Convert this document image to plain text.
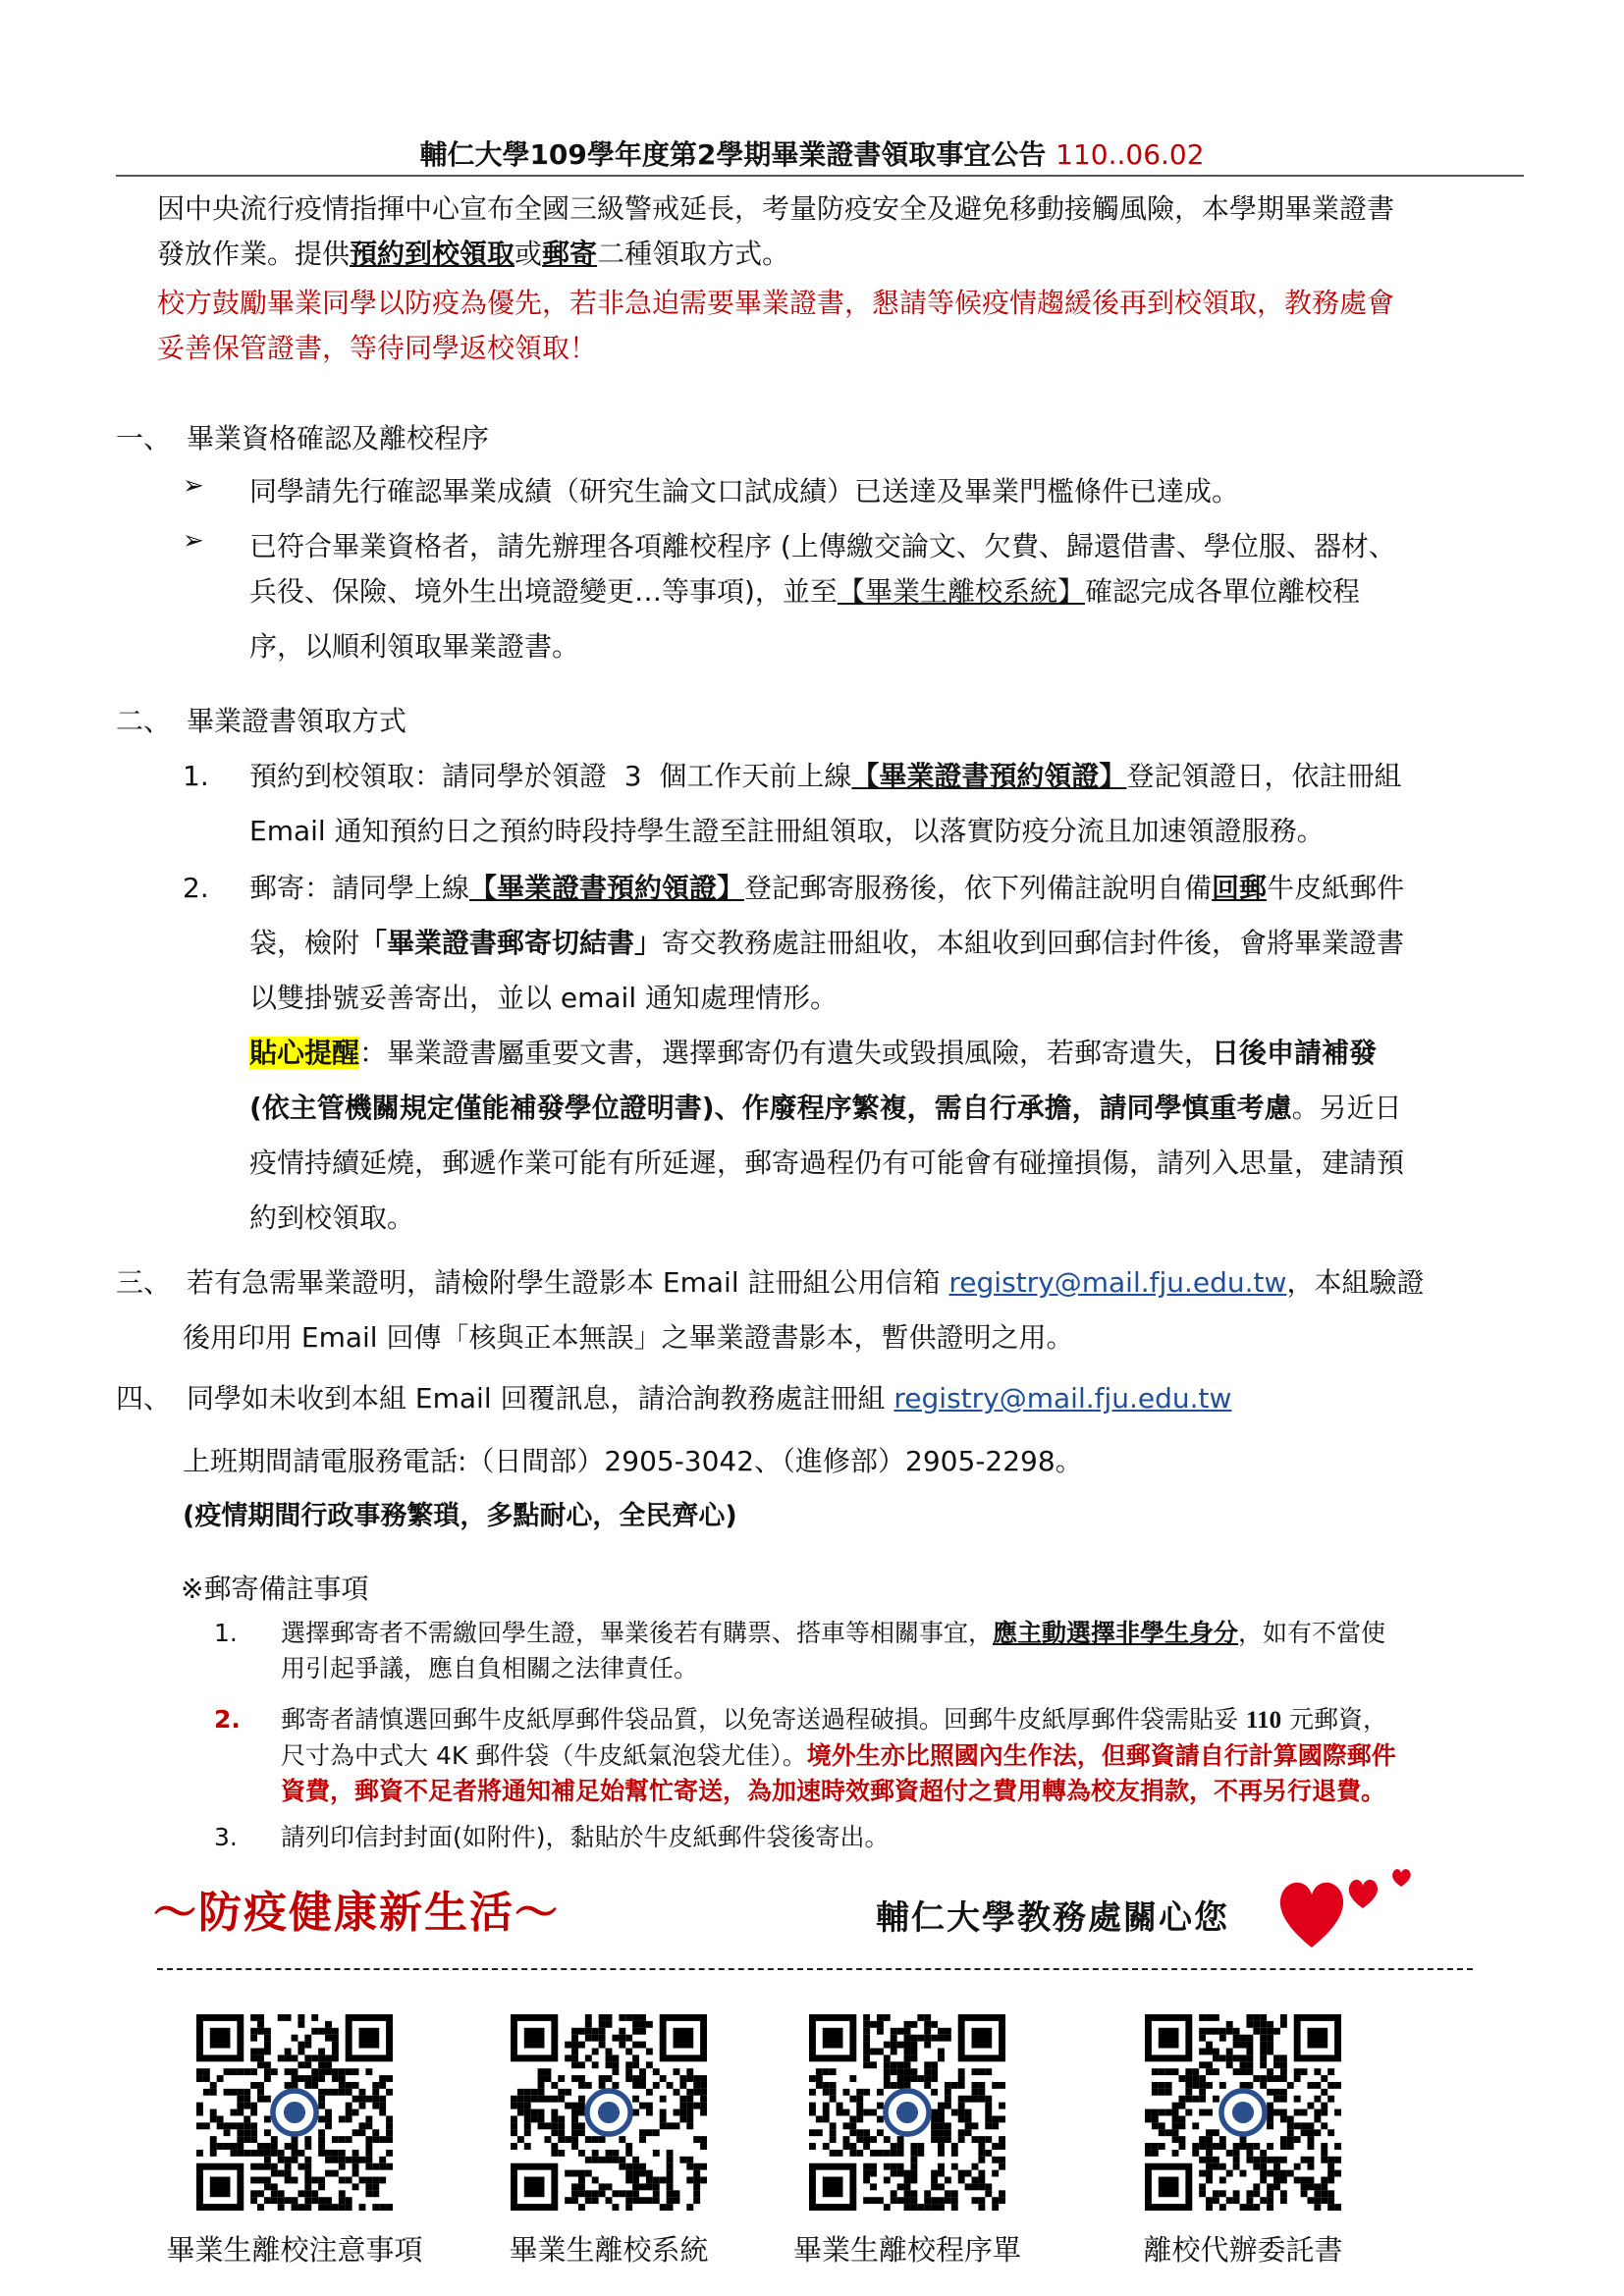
輔仁大學109學年度第2學期畢業證書領取事宜公告 110..06.02
因中央流行疫情指揮中心宣布全國三級警戒延長，考量防疫安全及避免移動接觸風險，本學期畢業證書
發放作業。提供預約到校領取或郵寄二種領取方式。
校方鼓勵畢業同學以防疫為優先，若非急迫需要畢業證書，懇請等候疫情趨緩後再到校領取，教務處會
妥善保管證書，等待同學返校領取！
一、 畢業資格確認及離校程序
➢ 同學請先行確認畢業成績（研究生論文口試成績）已送達及畢業門檻條件已達成。
➢ 已符合畢業資格者，請先辦理各項離校程序 (上傳繳交論文、欠費、歸還借書、學位服、器材、
兵役、保險、境外生出境證變更…等事項)，並至【畢業生離校系統】確認完成各單位離校程
序，以順利領取畢業證書。
二、 畢業證書領取方式
1. 預約到校領取：請同學於領證  3  個工作天前上線【畢業證書預約領證】登記領證日，依註冊組
Email 通知預約日之預約時段持學生證至註冊組領取，以落實防疫分流且加速領證服務。
2. 郵寄：請同學上線【畢業證書預約領證】登記郵寄服務後，依下列備註說明自備回郵牛皮紙郵件
袋，檢附「畢業證書郵寄切結書」寄交教務處註冊組收，本組收到回郵信封件後，會將畢業證書
以雙掛號妥善寄出，並以 email 通知處理情形。
貼心提醒：畢業證書屬重要文書，選擇郵寄仍有遺失或毀損風險，若郵寄遺失，日後申請補發
(依主管機關規定僅能補發學位證明書)、作廢程序繁複，需自行承擔，請同學慎重考慮。另近日
疫情持續延燒，郵遞作業可能有所延遲，郵寄過程仍有可能會有碰撞損傷，請列入思量，建請預
約到校領取。
三、 若有急需畢業證明，請檢附學生證影本 Email 註冊組公用信箱 registry@mail.fju.edu.tw，本組驗證
後用印用 Email 回傳「核與正本無誤」之畢業證書影本，暫供證明之用。
四、 同學如未收到本組 Email 回覆訊息，請洽詢教務處註冊組 registry@mail.fju.edu.tw
上班期間請電服務電話:（日間部）2905-3042、（進修部）2905-2298。
(疫情期間行政事務繁瑣，多點耐心，全民齊心)
※郵寄備註事項
1. 選擇郵寄者不需繳回學生證，畢業後若有購票、搭車等相關事宜，應主動選擇非學生身分，如有不當使
用引起爭議，應自負相關之法律責任。
2. 郵寄者請慎選回郵牛皮紙厚郵件袋品質，以免寄送過程破損。回郵牛皮紙厚郵件袋需貼妥 110 元郵資，
尺寸為中式大 4K 郵件袋（牛皮紙氣泡袋尤佳）。境外生亦比照國內生作法，但郵資請自行計算國際郵件
資費，郵資不足者將通知補足始幫忙寄送，為加速時效郵資超付之費用轉為校友捐款，不再另行退費。
3. 請列印信封封面(如附件)，黏貼於牛皮紙郵件袋後寄出。
～防疫健康新生活～	輔仁大學教務處關心您
畢業生離校注意事項	畢業生離校系統	畢業生離校程序單	離校代辦委託書
